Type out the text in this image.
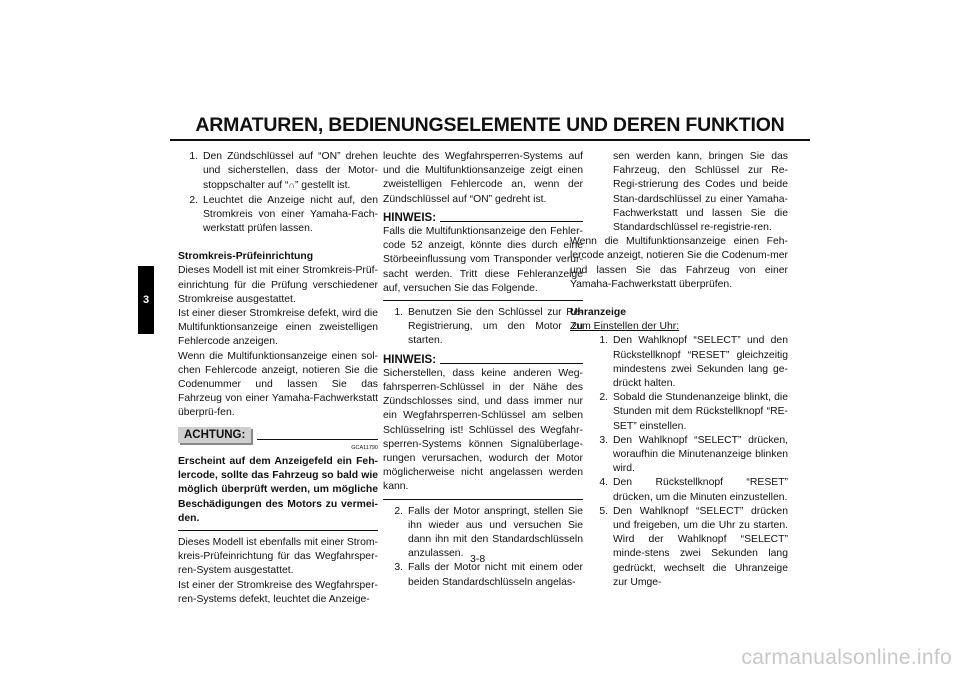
ARMATUREN, BEDIENUNGSELEMENTE UND DEREN FUNKTION
3
1. Den Zündschlüssel auf “ON” drehen und sicherstellen, dass der Motor-stoppschalter auf “∩” gestellt ist.
2. Leuchtet die Anzeige nicht auf, den Stromkreis von einer Yamaha-Fach-werkstatt prüfen lassen.

Stromkreis-Prüfeinrichtung

Dieses Modell ist mit einer Stromkreis-Prüf-einrichtung für die Prüfung verschiedener Stromkreise ausgestattet.

Ist einer dieser Stromkreise defekt, wird die Multifunktionsanzeige einen zweistelligen Fehlercode anzeigen.

Wenn die Multifunktionsanzeige einen sol-chen Fehlercode anzeigt, notieren Sie die Codenummer und lassen Sie das Fahrzeug von einer Yamaha-Fachwerkstatt überprü-fen.

ACHTUNG:
GCA11790

Erscheint auf dem Anzeigefeld ein Feh-lercode, sollte das Fahrzeug so bald wie möglich überprüft werden, um mögliche Beschädigungen des Motors zu vermei-den.

Dieses Modell ist ebenfalls mit einer Strom-kreis-Prüfeinrichtung für das Wegfahrsper-ren-System ausgestattet.

Ist einer der Stromkreise des Wegfahrsper-ren-Systems defekt, leuchtet die Anzeige-

leuchte des Wegfahrsperren-Systems auf und die Multifunktionsanzeige zeigt einen zweistelligen Fehlercode an, wenn der Zündschlüssel auf “ON” gedreht ist.

HINWEIS:

Falls die Multifunktionsanzeige den Fehler-code 52 anzeigt, könnte dies durch eine Störbeeinflussung vom Transponder verur-sacht werden. Tritt diese Fehleranzeige auf, versuchen Sie das Folgende.

1. Benutzen Sie den Schlüssel zur Re-Registrierung, um den Motor zu starten.
HINWEIS:

Sicherstellen, dass keine anderen Weg-fahrsperren-Schlüssel in der Nähe des Zündschlosses sind, und dass immer nur ein Wegfahrsperren-Schlüssel am selben Schlüsselring ist! Schlüssel des Wegfahr-sperren-Systems können Signalüberlage-rungen verursachen, wodurch der Motor möglicherweise nicht angelassen werden kann.

2. Falls der Motor anspringt, stellen Sie ihn wieder aus und versuchen Sie dann ihn mit den Standardschlüsseln anzulassen.
3. Falls der Motor nicht mit einem oder beiden Standardschlüsseln angelas-
sen werden kann, bringen Sie das Fahrzeug, den Schlüssel zur Re-Regi-strierung des Codes und beide Stan-dardschlüssel zu einer Yamaha-Fachwerkstatt und lassen Sie die Standardschlüssel re-registrie-ren.

Wenn die Multifunktionsanzeige einen Feh-lercode anzeigt, notieren Sie die Codenum-mer und lassen Sie das Fahrzeug von einer Yamaha-Fachwerkstatt überprüfen.

Uhranzeige

Zum Einstellen der Uhr:

1. Den Wahlknopf “SELECT” und den Rückstellknopf “RESET” gleichzeitig mindestens zwei Sekunden lang ge-drückt halten.
2. Sobald die Stundenanzeige blinkt, die Stunden mit dem Rückstellknopf “RE-SET” einstellen.
3. Den Wahlknopf “SELECT” drücken, woraufhin die Minutenanzeige blinken wird.
4. Den Rückstellknopf “RESET” drücken, um die Minuten einzustellen.
5. Den Wahlknopf “SELECT” drücken und freigeben, um die Uhr zu starten. Wird der Wahlknopf “SELECT” minde-stens zwei Sekunden lang gedrückt, wechselt die Uhranzeige zur Umge-
3-8
carmanualsonline.info
